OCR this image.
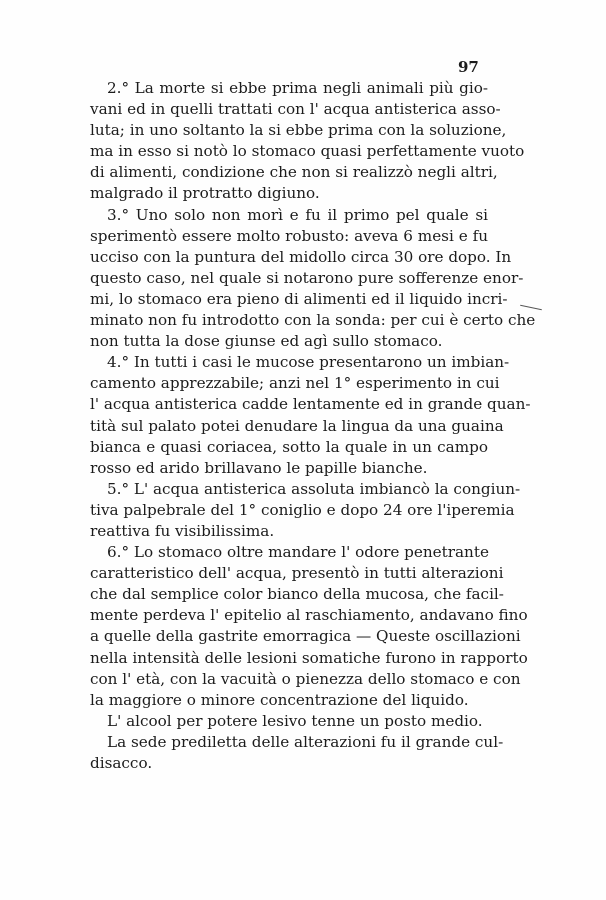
97
2.° La morte si ebbe prima negli animali più gio-
vani ed in quelli trattati con l' acqua antisterica asso-
luta; in uno soltanto la si ebbe prima con la soluzione,
ma in esso si notò lo stomaco quasi perfettamente vuoto
di alimenti, condizione che non si realizzò negli altri,
malgrado il protratto digiuno.
3.° Uno solo non morì e fu il primo pel quale si
sperimentò essere molto robusto: aveva 6 mesi e fu
ucciso con la puntura del midollo circa 30 ore dopo. In
questo caso, nel quale si notarono pure sofferenze enor-
mi, lo stomaco era pieno di alimenti ed il liquido incri-
minato non fu introdotto con la sonda: per cui è certo che
non tutta la dose giunse ed agì sullo stomaco.
4.° In tutti i casi le mucose presentarono un imbian-
camento apprezzabile; anzi nel 1° esperimento in cui
l' acqua antisterica cadde lentamente ed in grande quan-
tità sul palato potei denudare la lingua da una guaina
bianca e quasi coriacea, sotto la quale in un campo
rosso ed arido brillavano le papille bianche.
5.° L' acqua antisterica assoluta imbiancò la congiun-
tiva palpebrale del 1° coniglio e dopo 24 ore l'iperemia
reattiva fu visibilissima.
6.° Lo stomaco oltre mandare l' odore penetrante
caratteristico dell' acqua, presentò in tutti alterazioni
che dal semplice color bianco della mucosa, che facil-
mente perdeva l' epitelio al raschiamento, andavano fino
a quelle della gastrite emorragica — Queste oscillazioni
nella intensità delle lesioni somatiche furono in rapporto
con l' età, con la vacuità o pienezza dello stomaco e con
la maggiore o minore concentrazione del liquido.
L' alcool per potere lesivo tenne un posto medio.
La sede prediletta delle alterazioni fu il grande cul-
disacco.
